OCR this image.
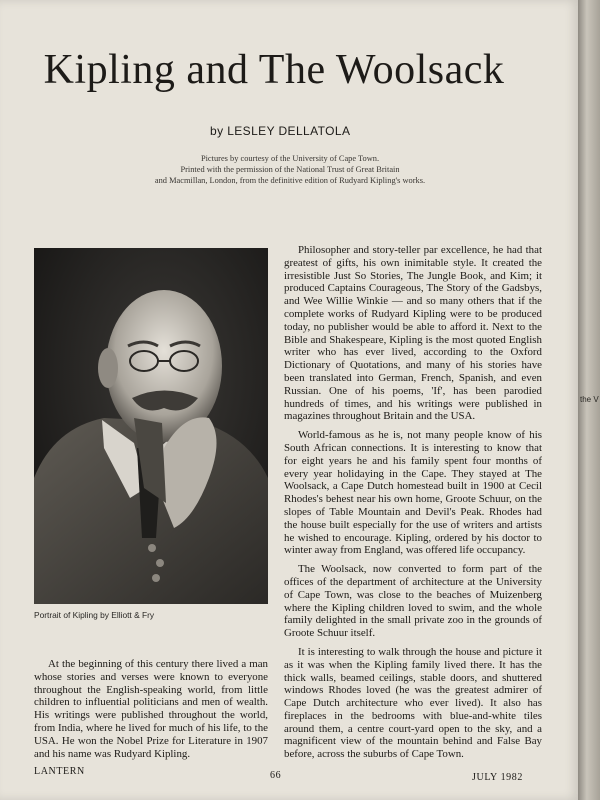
Kipling and The Woolsack
by LESLEY DELLATOLA
Pictures by courtesy of the University of Cape Town.
Printed with the permission of the National Trust of Great Britain
and Macmillan, London, from the definitive edition of Rudyard Kipling's works.
Portrait of Kipling by Elliott & Fry

Philosopher and story-teller par excellence, he had that greatest of gifts, his own inimitable style. It created the irresistible Just So Stories, The Jungle Book, and Kim; it produced Captains Courageous, The Story of the Gadsbys, and Wee Willie Winkie — and so many others that if the complete works of Rudyard Kipling were to be produced today, no publisher would be able to afford it. Next to the Bible and Shakespeare, Kipling is the most quoted English writer who has ever lived, according to the Oxford Dictionary of Quotations, and many of his stories have been translated into German, French, Spanish, and even Russian. One of his poems, 'If', has been parodied hundreds of times, and his writings were published in magazines throughout Britain and the USA.

World-famous as he is, not many people know of his South African connections. It is interesting to know that for eight years he and his family spent four months of every year holidaying in the Cape. They stayed at The Woolsack, a Cape Dutch homestead built in 1900 at Cecil Rhodes's behest near his own home, Groote Schuur, on the slopes of Table Mountain and Devil's Peak. Rhodes had the house built especially for the use of writers and artists he wished to encourage. Kipling, ordered by his doctor to winter away from England, was offered life occupancy.

The Woolsack, now converted to form part of the offices of the department of architecture at the University of Cape Town, was close to the beaches of Muizenberg where the Kipling children loved to swim, and the whole family delighted in the small private zoo in the grounds of Groote Schuur itself.

It is interesting to walk through the house and picture it as it was when the Kipling family lived there. It has the thick walls, beamed ceilings, stable doors, and shuttered windows Rhodes loved (he was the greatest admirer of Cape Dutch architecture who ever lived). It also has fireplaces in the bedrooms with blue-and-white tiles around them, a centre court-yard open to the sky, and a magnificent view of the mountain behind and False Bay before, across the suburbs of Cape Town.

At the beginning of this century there lived a man whose stories and verses were known to everyone throughout the English-speaking world, from little children to influential politicians and men of wealth. His writings were published throughout the world, from India, where he lived for much of his life, to the USA. He won the Nobel Prize for Literature in 1907 and his name was Rudyard Kipling.

LANTERN	66	JULY 1982
the V
